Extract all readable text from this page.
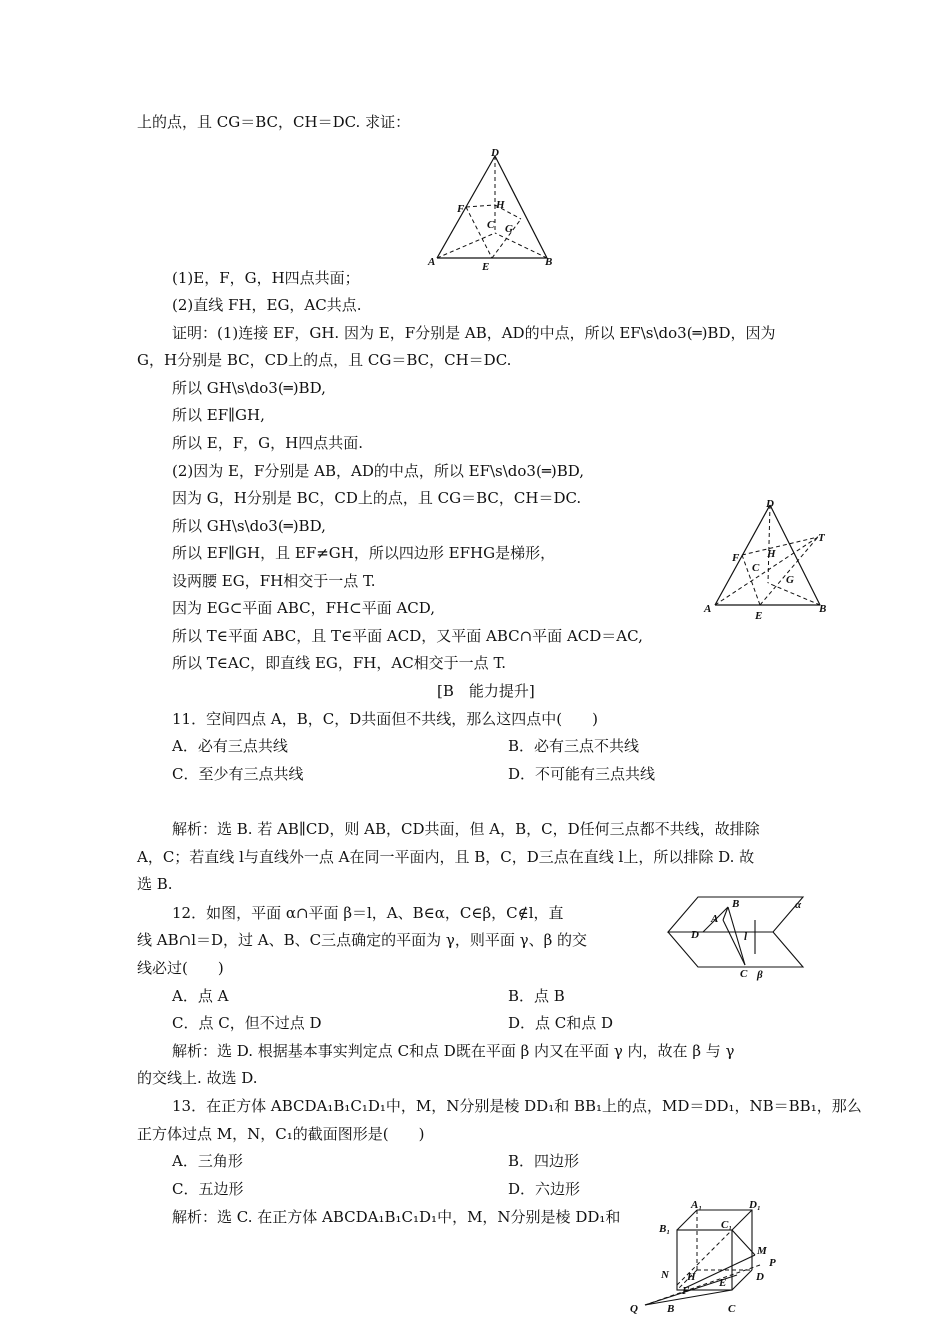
上的点，且 CG＝BC，CH＝DC. 求证：
(1)E，F，G，H四点共面；
(2)直线 FH，EG，AC共点.
证明：(1)连接 EF，GH. 因为 E，F分别是 AB，AD的中点，所以 EF\s\do3(═)BD，因为
G，H分别是 BC，CD上的点，且 CG＝BC，CH＝DC.
所以 GH\s\do3(═)BD,
所以 EF∥GH,
所以 E，F，G，H四点共面.
(2)因为 E，F分别是 AB，AD的中点，所以 EF\s\do3(═)BD,
因为 G，H分别是 BC，CD上的点，且 CG＝BC，CH＝DC.
所以 GH\s\do3(═)BD,
所以 EF∥GH，且 EF≠GH，所以四边形 EFHG是梯形，
设两腰 EG，FH相交于一点 T.
因为 EG⊂平面 ABC，FH⊂平面 ACD,
所以 T∈平面 ABC，且 T∈平面 ACD，又平面 ABC∩平面 ACD＝AC,
所以 T∈AC，即直线 EG，FH，AC相交于一点 T.
[B　能力提升]
11．空间四点 A，B，C，D共面但不共线，那么这四点中(　　)
解析：选 B. 若 AB∥CD，则 AB，CD共面，但 A，B，C，D任何三点都不共线，故排除
A，C；若直线 l与直线外一点 A在同一平面内，且 B，C，D三点在直线 l上，所以排除 D. 故
选 B.
12．如图，平面 α∩平面 β＝l，A、B∈α，C∈β，C∉l，直
线 AB∩l＝D，过 A、B、C三点确定的平面为 γ，则平面 γ、β 的交
线必过(　　)
解析：选 D. 根据基本事实判定点 C和点 D既在平面 β 内又在平面 γ 内，故在 β 与 γ
的交线上. 故选 D.
13．在正方体 ABCDA₁B₁C₁D₁中，M，N分别是棱 DD₁和 BB₁上的点，MD＝DD₁，NB＝BB₁，那么
正方体过点 M，N，C₁的截面图形是(　　)
解析：选 C. 在正方体 ABCDA₁B₁C₁D₁中，M，N分别是棱 DD₁和
A．必有三点共线	B．必有三点不共线
C．至少有三点共线	D．不可能有三点共线
A．点 A	B．点 B
C．点 C，但不过点 D	D．点 C和点 D
A．三角形	B．四边形
C．五边形	D．六边形
D
F	H
C G
A	E	B
D
T
F	H
C
G
A
E
B
α
B
A
D	l
C β
A₁	D₁
B₁	C₁
M
P
N H	D
E
F
Q	B	C
